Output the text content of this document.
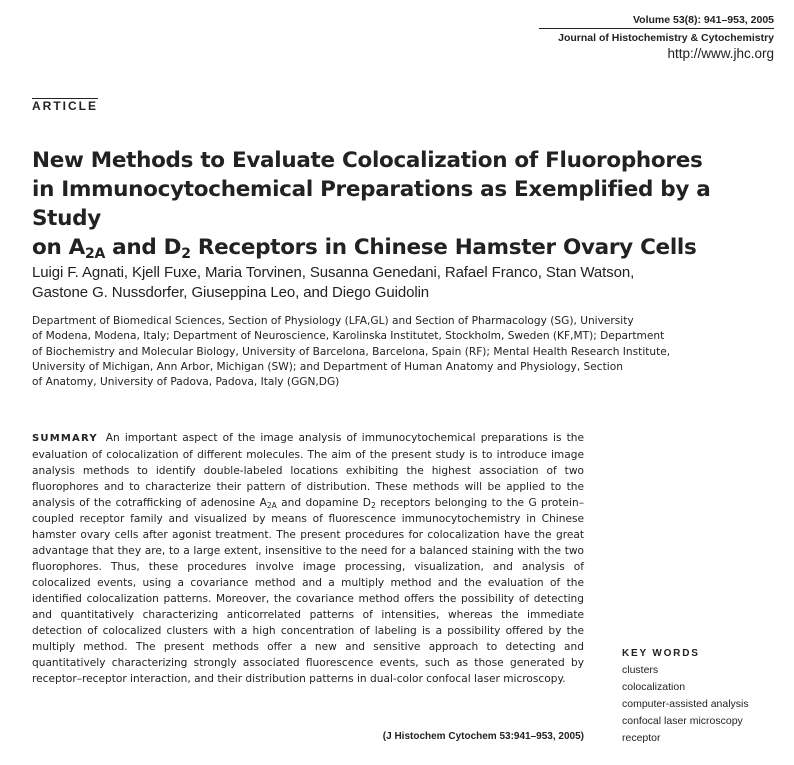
Volume 53(8): 941–953, 2005
Journal of Histochemistry & Cytochemistry
http://www.jhc.org
ARTICLE
New Methods to Evaluate Colocalization of Fluorophores
in Immunocytochemical Preparations as Exemplified by a Study
on $A_{2A}$ and $D_2$ Receptors in Chinese Hamster Ovary Cells
Luigi F. Agnati, Kjell Fuxe, Maria Torvinen, Susanna Genedani, Rafael Franco, Stan Watson,
Gastone G. Nussdorfer, Giuseppina Leo, and Diego Guidolin
Department of Biomedical Sciences, Section of Physiology (LFA,GL) and Section of Pharmacology (SG), University
of Modena, Modena, Italy; Department of Neuroscience, Karolinska Institutet, Stockholm, Sweden (KF,MT); Department
of Biochemistry and Molecular Biology, University of Barcelona, Barcelona, Spain (RF); Mental Health Research Institute,
University of Michigan, Ann Arbor, Michigan (SW); and Department of Human Anatomy and Physiology, Section
of Anatomy, University of Padova, Padova, Italy (GGN,DG)
SUMMARY An important aspect of the image analysis of immunocytochemical preparations is the evaluation of colocalization of different molecules. The aim of the present study is to introduce image analysis methods to identify double-labeled locations exhibiting the highest association of two fluorophores and to characterize their pattern of distribution. These methods will be applied to the analysis of the cotrafficking of adenosine $A_{2A}$ and dopamine $D_2$ receptors belonging to the G protein–coupled receptor family and visualized by means of fluorescence immunocytochemistry in Chinese hamster ovary cells after agonist treatment. The present procedures for colocalization have the great advantage that they are, to a large extent, insensitive to the need for a balanced staining with the two fluorophores. Thus, these procedures involve image processing, visualization, and analysis of colocalized events, using a covariance method and a multiply method and the evaluation of the identified colocalization patterns. Moreover, the covariance method offers the possibility of detecting and quantitatively characterizing anticorrelated patterns of intensities, whereas the immediate detection of colocalized clusters with a high concentration of labeling is a possibility offered by the multiply method. The present methods offer a new and sensitive approach to detecting and quantitatively characterizing strongly associated fluorescence events, such as those generated by receptor–receptor interaction, and their distribution patterns in dual-color confocal laser microscopy.
(J Histochem Cytochem 53:941–953, 2005)
KEY WORDS
clusters
colocalization
computer-assisted analysis
confocal laser microscopy
receptor
